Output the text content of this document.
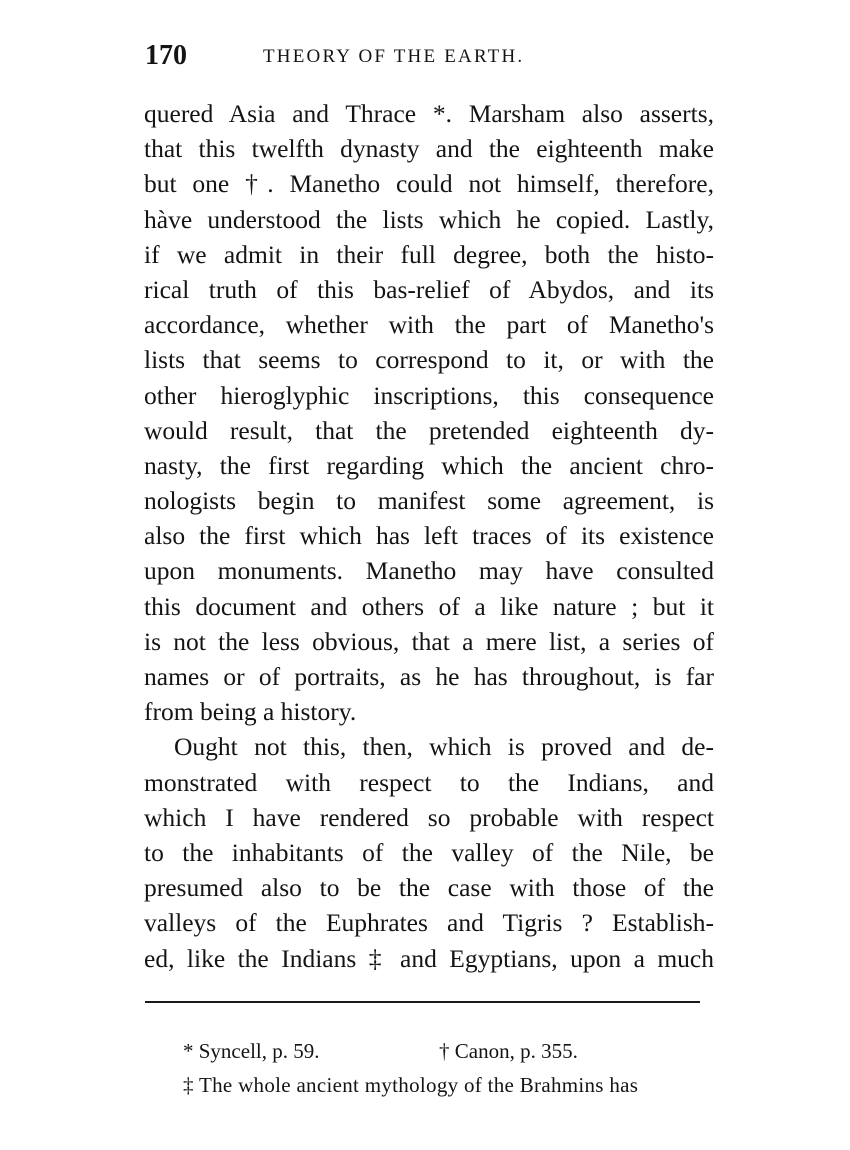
170	THEORY OF THE EARTH.
quered Asia and Thrace *. Marsham also asserts,
that this twelfth dynasty and the eighteenth make
but one †. Manetho could not himself, therefore,
hàve understood the lists which he copied. Lastly,
if we admit in their full degree, both the histo-
rical truth of this bas-relief of Abydos, and its
accordance, whether with the part of Manetho's
lists that seems to correspond to it, or with the
other hieroglyphic inscriptions, this consequence
would result, that the pretended eighteenth dy-
nasty, the first regarding which the ancient chro-
nologists begin to manifest some agreement, is
also the first which has left traces of its existence
upon monuments. Manetho may have consulted
this document and others of a like nature ; but it
is not the less obvious, that a mere list, a series of
names or of portraits, as he has throughout, is far
from being a history.
Ought not this, then, which is proved and de-
monstrated with respect to the Indians, and
which I have rendered so probable with respect
to the inhabitants of the valley of the Nile, be
presumed also to be the case with those of the
valleys of the Euphrates and Tigris ? Establish-
ed, like the Indians ‡ and Egyptians, upon a much
* Syncell, p. 59.	† Canon, p. 355.
‡ The whole ancient mythology of the Brahmins has
